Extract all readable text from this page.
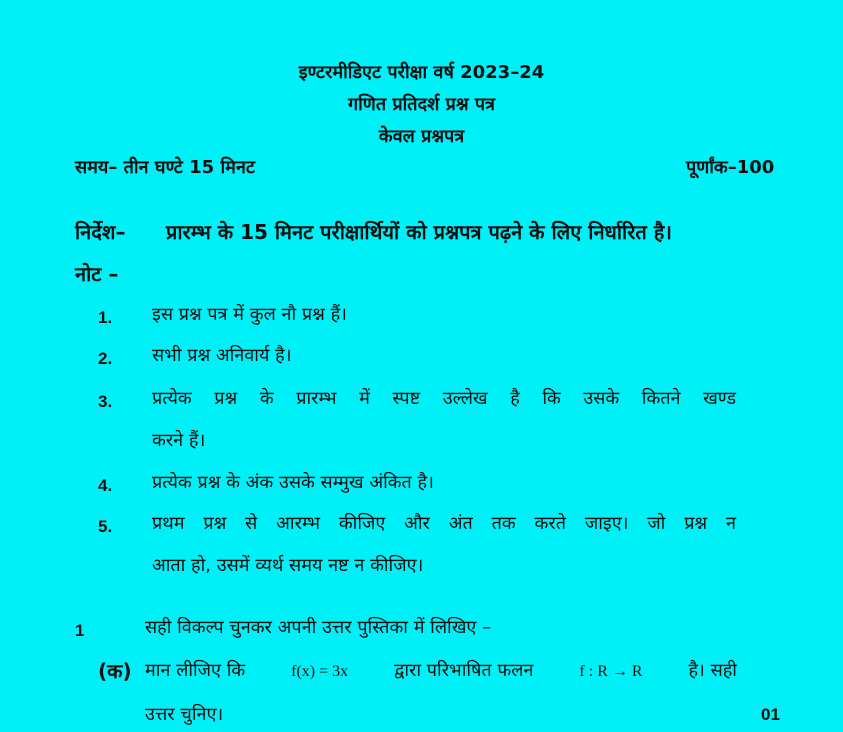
इण्टरमीडिएट परीक्षा वर्ष 2023–24
गणित प्रतिदर्श प्रश्न पत्र
केवल प्रश्नपत्र
समय– तीन घण्टे 15 मिनट	पूर्णांक–100
निर्देश– प्रारम्भ के 15 मिनट परीक्षार्थियों को प्रश्नपत्र पढ़ने के लिए निर्धारित है।
नोट –
1. इस प्रश्न पत्र में कुल नौ प्रश्न हैं।
2. सभी प्रश्न अनिवार्य है।
3. प्रत्येक प्रश्न के प्रारम्भ में स्पष्ट उल्लेख है कि उसके कितने खण्ड
करने हैं।
4. प्रत्येक प्रश्न के अंक उसके सम्मुख अंकित है।
5. प्रथम प्रश्न से आरम्भ कीजिए और अंत तक करते जाइए। जो प्रश्न न
आता हो, उसमें व्यर्थ समय नष्ट न कीजिए।
1	सही विकल्प चुनकर अपनी उत्तर पुस्तिका में लिखिए –
(क) मान लीजिए कि	f(x) = 3x	द्वारा परिभाषित फलन	f : R → R	है। सही
उत्तर चुनिए।	01
